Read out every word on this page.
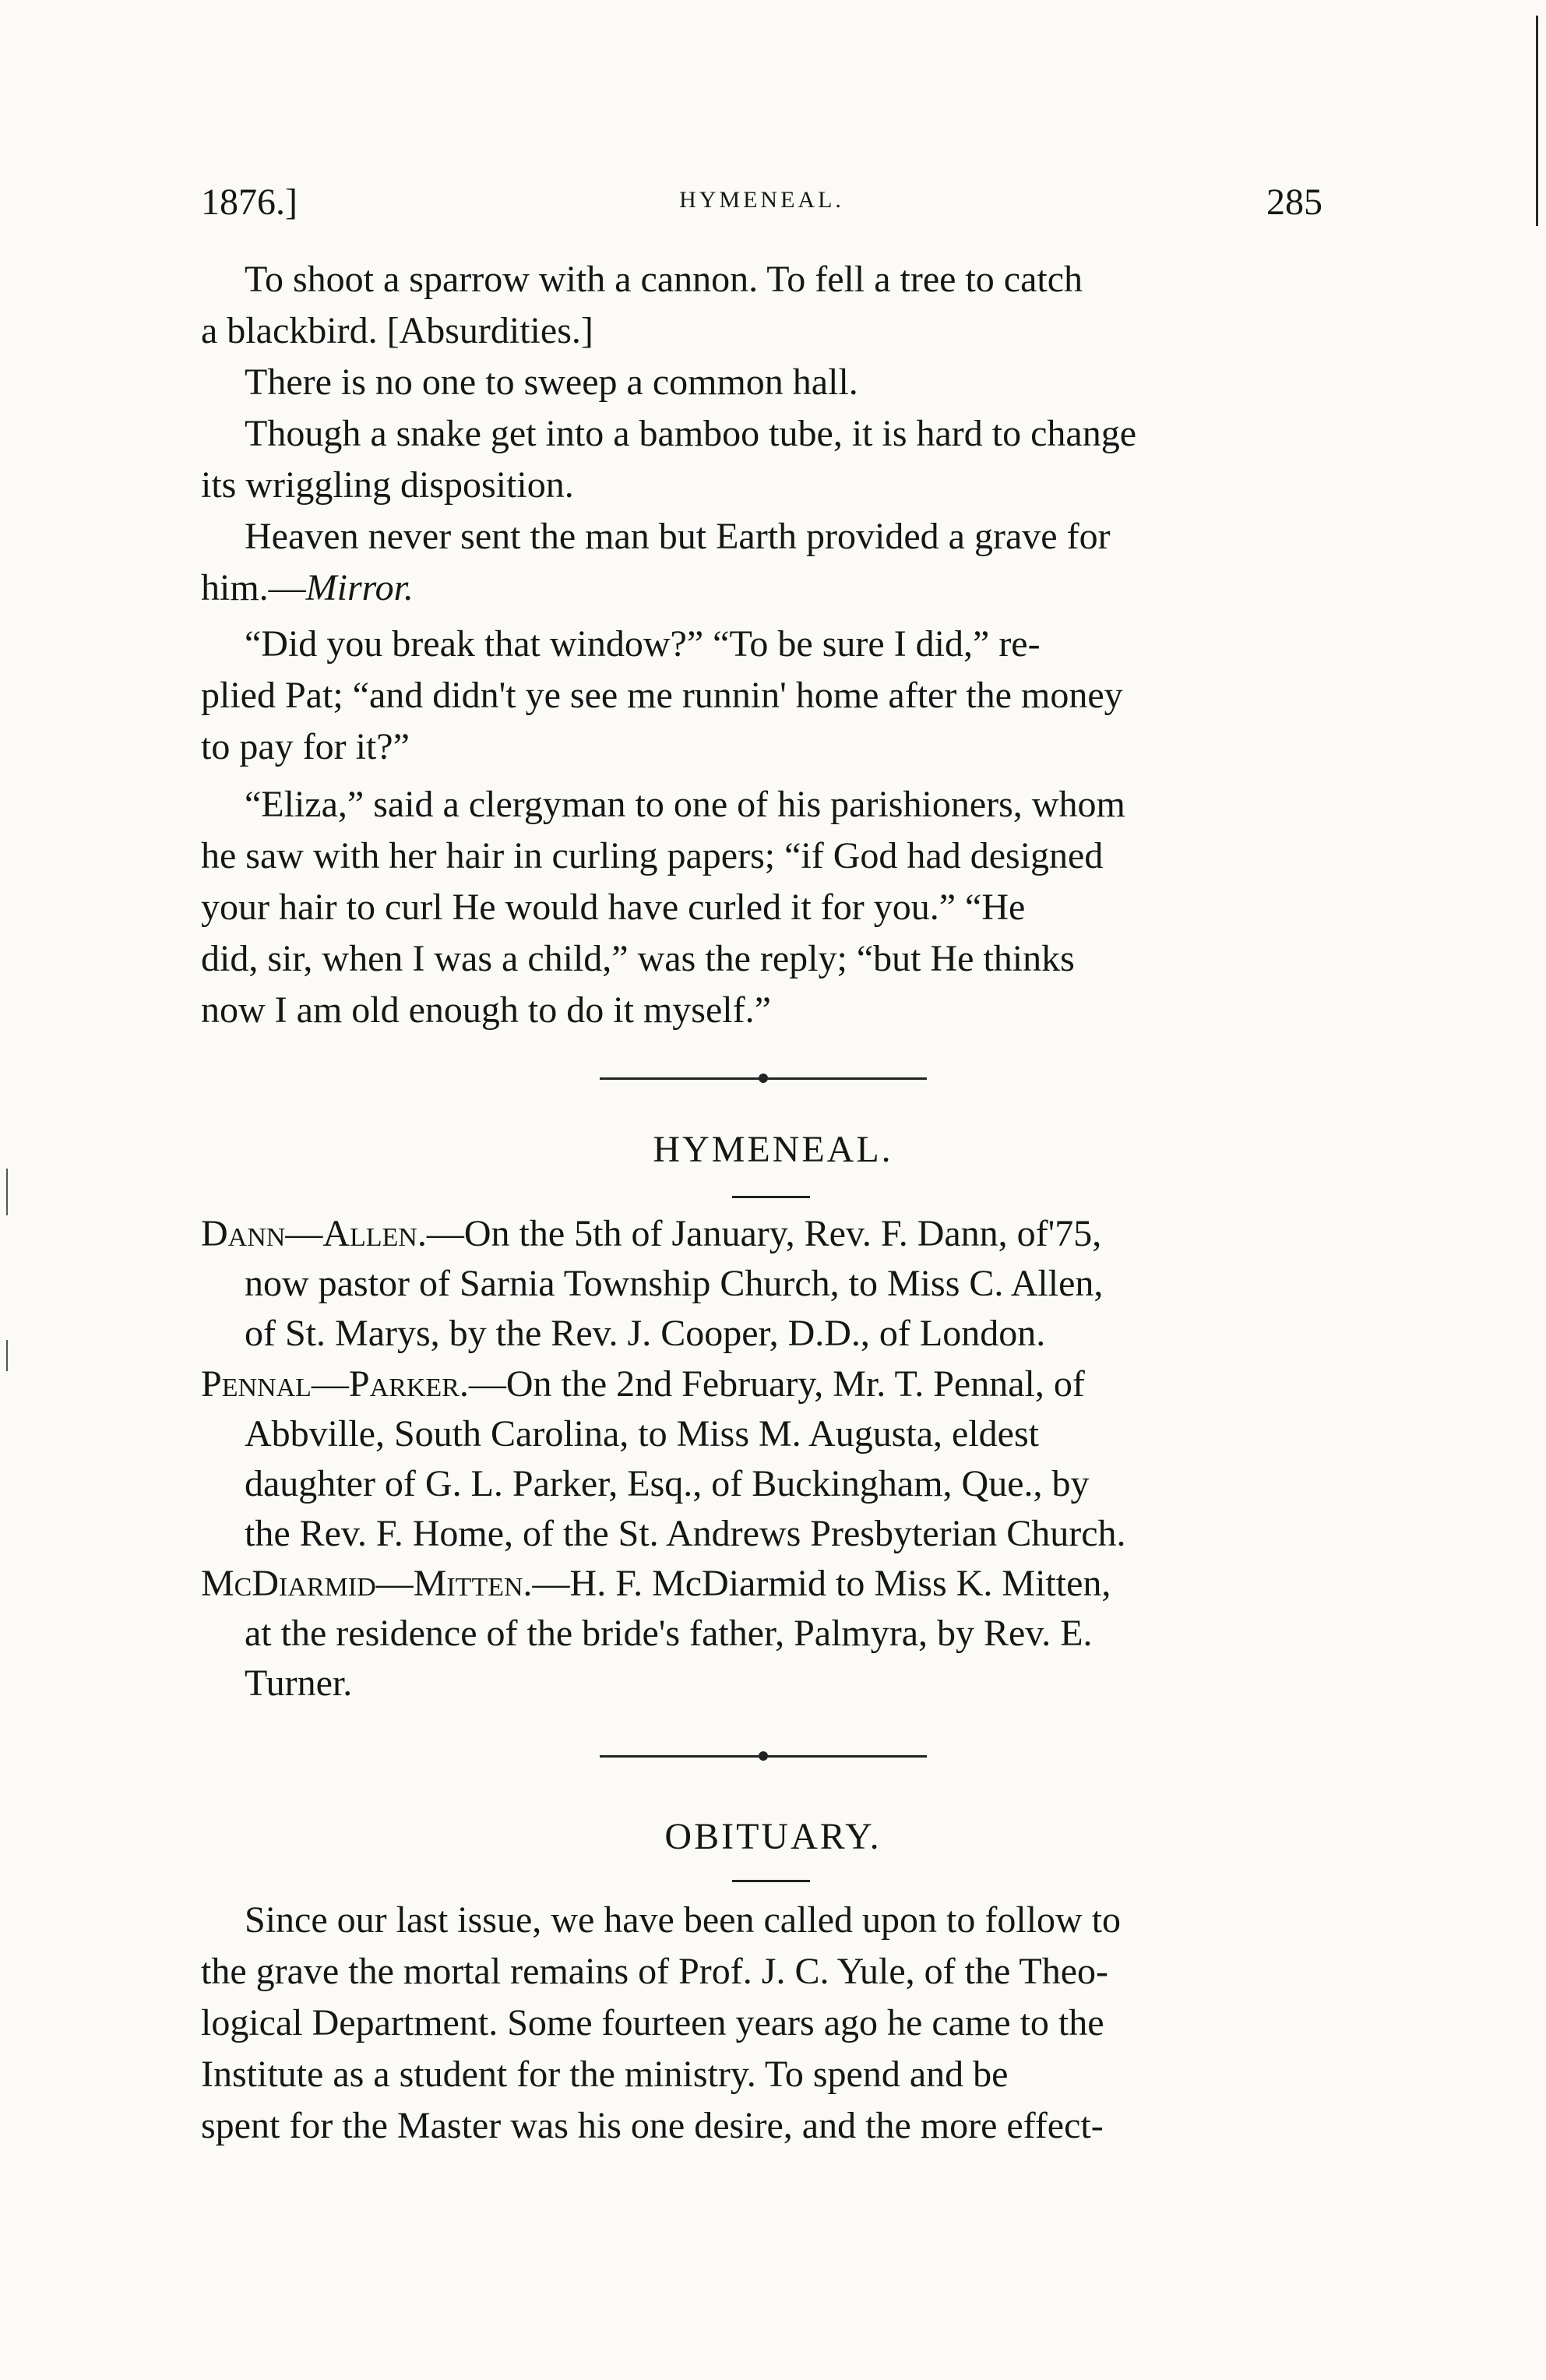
1876.]	HYMENEAL.	285
To shoot a sparrow with a cannon. To fell a tree to catch
a blackbird. [Absurdities.]
There is no one to sweep a common hall.
Though a snake get into a bamboo tube, it is hard to change
its wriggling disposition.
Heaven never sent the man but Earth provided a grave for
him.—Mirror.
“Did you break that window?” “To be sure I did,” re-
plied Pat; “and didn't ye see me runnin' home after the money
to pay for it?”
“Eliza,” said a clergyman to one of his parishioners, whom
he saw with her hair in curling papers; “if God had designed
your hair to curl He would have curled it for you.” “He
did, sir, when I was a child,” was the reply; “but He thinks
now I am old enough to do it myself.”
HYMENEAL.
Dann—Allen.—On the 5th of January, Rev. F. Dann, of'75,
now pastor of Sarnia Township Church, to Miss C. Allen,
of St. Marys, by the Rev. J. Cooper, D.D., of London.
Pennal—Parker.—On the 2nd February, Mr. T. Pennal, of
Abbville, South Carolina, to Miss M. Augusta, eldest
daughter of G. L. Parker, Esq., of Buckingham, Que., by
the Rev. F. Home, of the St. Andrews Presbyterian Church.
McDiarmid—Mitten.—H. F. McDiarmid to Miss K. Mitten,
at the residence of the bride's father, Palmyra, by Rev. E.
Turner.
OBITUARY.
Since our last issue, we have been called upon to follow to
the grave the mortal remains of Prof. J. C. Yule, of the Theo-
logical Department. Some fourteen years ago he came to the
Institute as a student for the ministry. To spend and be
spent for the Master was his one desire, and the more effect-
